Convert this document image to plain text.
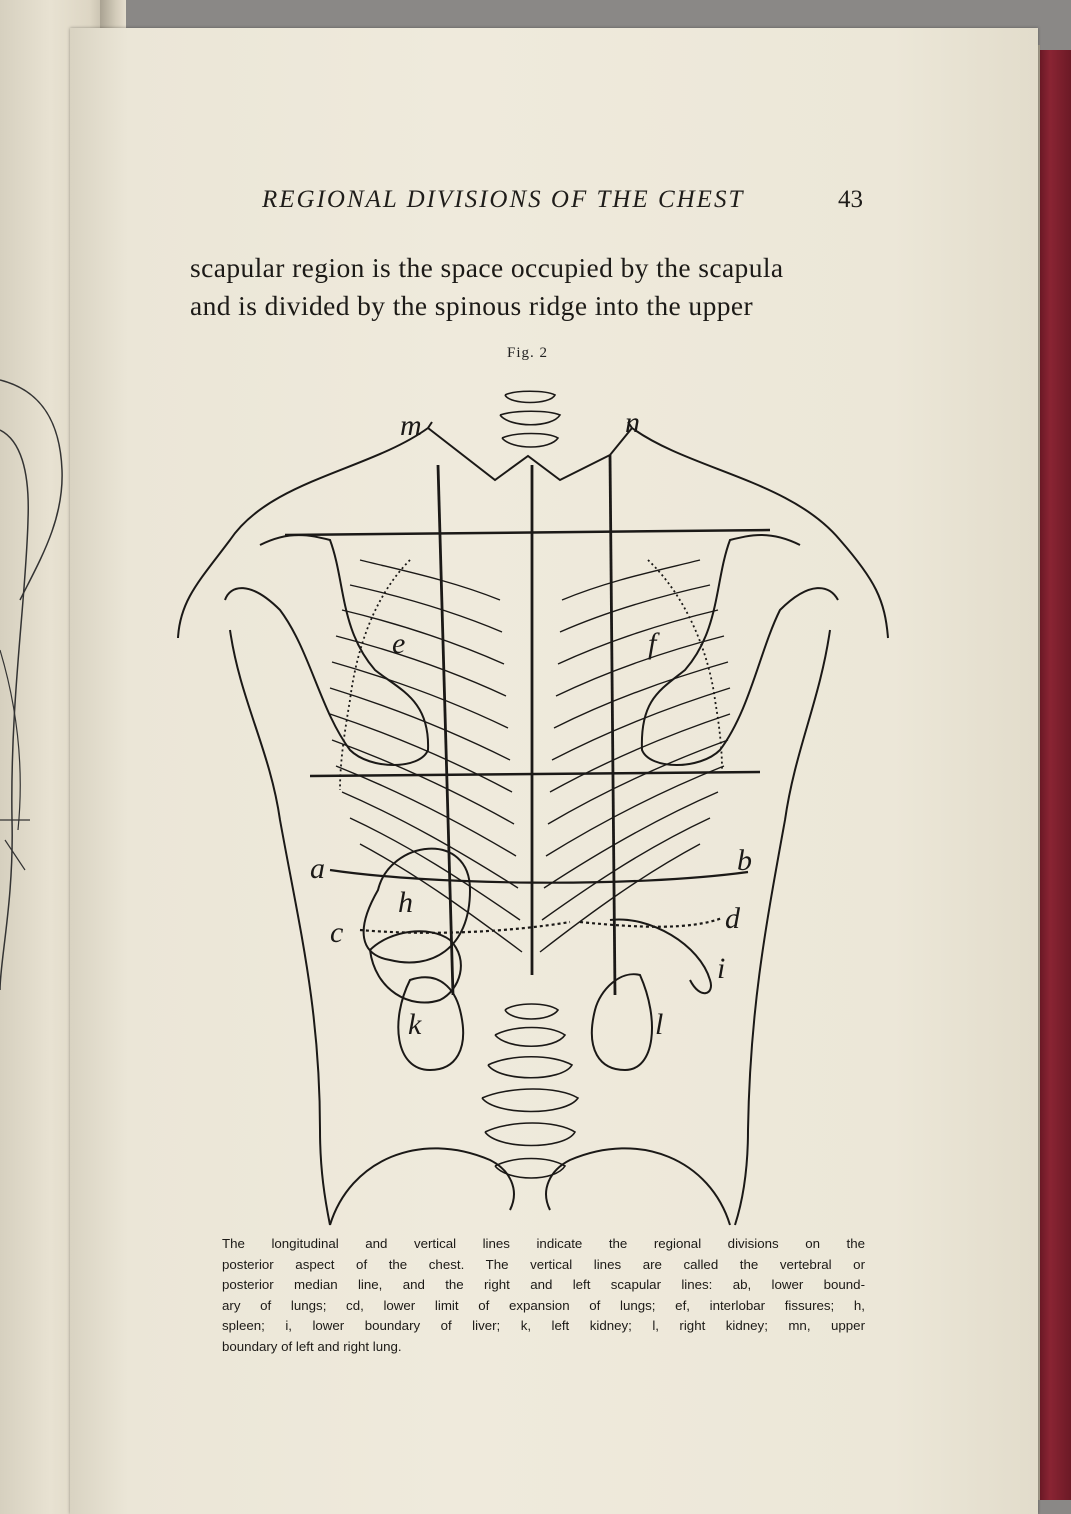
REGIONAL DIVISIONS OF THE CHEST	43
scapular region is the space occupied by the scapula
and is divided by the spinous ridge into the upper
Fig. 2
m	n
e	f
a	b
h
c	d
i
k	l
The longitudinal and vertical lines indicate the regional divisions on the
posterior aspect of the chest. The vertical lines are called the vertebral or
posterior median line, and the right and left scapular lines: ab, lower bound-
ary of lungs; cd, lower limit of expansion of lungs; ef, interlobar fissures; h,
spleen; i, lower boundary of liver; k, left kidney; l, right kidney; mn, upper
boundary of left and right lung.
